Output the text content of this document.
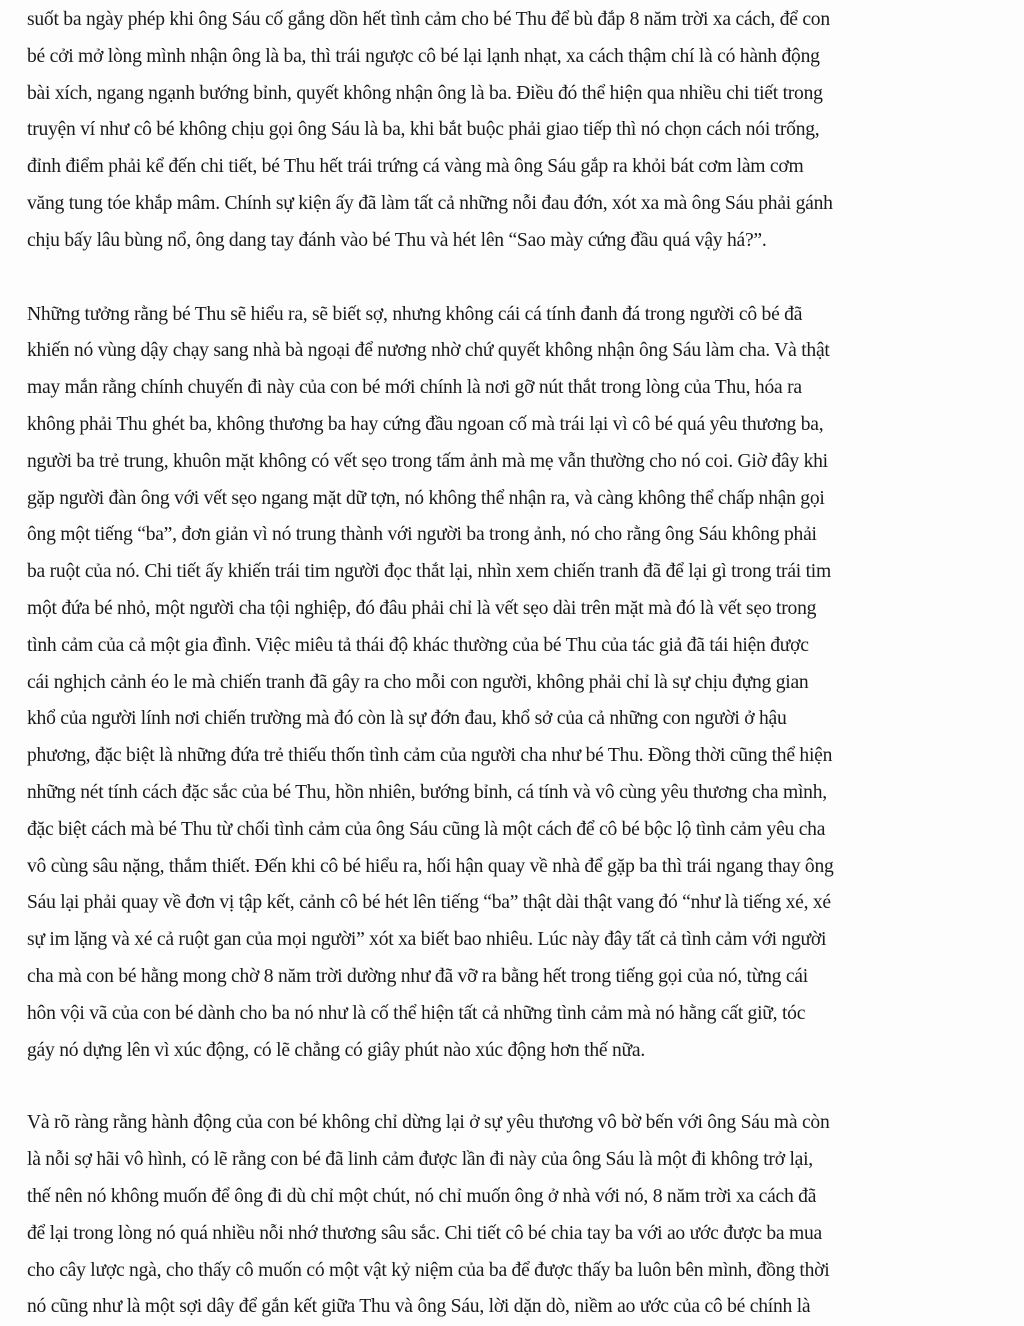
suốt ba ngày phép khi ông Sáu cố gắng dồn hết tình cảm cho bé Thu để bù đắp 8 năm trời xa cách, để con
bé cởi mở lòng mình nhận ông là ba, thì trái ngược cô bé lại lạnh nhạt, xa cách thậm chí là có hành động
bài xích, ngang ngạnh bướng bỉnh, quyết không nhận ông là ba. Điều đó thể hiện qua nhiều chi tiết trong
truyện ví như cô bé không chịu gọi ông Sáu là ba, khi bắt buộc phải giao tiếp thì nó chọn cách nói trống,
đỉnh điểm phải kể đến chi tiết, bé Thu hết trái trứng cá vàng mà ông Sáu gắp ra khỏi bát cơm làm cơm
văng tung tóe khắp mâm. Chính sự kiện ấy đã làm tất cả những nỗi đau đớn, xót xa mà ông Sáu phải gánh
chịu bấy lâu bùng nổ, ông dang tay đánh vào bé Thu và hét lên “Sao mày cứng đầu quá vậy há?”.
Những tưởng rằng bé Thu sẽ hiểu ra, sẽ biết sợ, nhưng không cái cá tính đanh đá trong người cô bé đã
khiến nó vùng dậy chạy sang nhà bà ngoại để nương nhờ chứ quyết không nhận ông Sáu làm cha. Và thật
may mắn rằng chính chuyến đi này của con bé mới chính là nơi gỡ nút thắt trong lòng của Thu, hóa ra
không phải Thu ghét ba, không thương ba hay cứng đầu ngoan cố mà trái lại vì cô bé quá yêu thương ba,
người ba trẻ trung, khuôn mặt không có vết sẹo trong tấm ảnh mà mẹ vẫn thường cho nó coi. Giờ đây khi
gặp người đàn ông với vết sẹo ngang mặt dữ tợn, nó không thể nhận ra, và càng không thể chấp nhận gọi
ông một tiếng “ba”, đơn giản vì nó trung thành với người ba trong ảnh, nó cho rằng ông Sáu không phải
ba ruột của nó. Chi tiết ấy khiến trái tim người đọc thắt lại, nhìn xem chiến tranh đã để lại gì trong trái tim
một đứa bé nhỏ, một người cha tội nghiệp, đó đâu phải chỉ là vết sẹo dài trên mặt mà đó là vết sẹo trong
tình cảm của cả một gia đình. Việc miêu tả thái độ khác thường của bé Thu của tác giả đã tái hiện được
cái nghịch cảnh éo le mà chiến tranh đã gây ra cho mỗi con người, không phải chỉ là sự chịu đựng gian
khổ của người lính nơi chiến trường mà đó còn là sự đớn đau, khổ sở của cả những con người ở hậu
phương, đặc biệt là những đứa trẻ thiếu thốn tình cảm của người cha như bé Thu. Đồng thời cũng thể hiện
những nét tính cách đặc sắc của bé Thu, hồn nhiên, bướng bỉnh, cá tính và vô cùng yêu thương cha mình,
đặc biệt cách mà bé Thu từ chối tình cảm của ông Sáu cũng là một cách để cô bé bộc lộ tình cảm yêu cha
vô cùng sâu nặng, thắm thiết. Đến khi cô bé hiểu ra, hối hận quay về nhà để gặp ba thì trái ngang thay ông
Sáu lại phải quay về đơn vị tập kết, cảnh cô bé hét lên tiếng “ba” thật dài thật vang đó “như là tiếng xé, xé
sự im lặng và xé cả ruột gan của mọi người” xót xa biết bao nhiêu. Lúc này đây tất cả tình cảm với người
cha mà con bé hằng mong chờ 8 năm trời dường như đã vỡ ra bằng hết trong tiếng gọi của nó, từng cái
hôn vội vã của con bé dành cho ba nó như là cố thể hiện tất cả những tình cảm mà nó hằng cất giữ, tóc
gáy nó dựng lên vì xúc động, có lẽ chẳng có giây phút nào xúc động hơn thế nữa.
Và rõ ràng rằng hành động của con bé không chỉ dừng lại ở sự yêu thương vô bờ bến với ông Sáu mà còn
là nỗi sợ hãi vô hình, có lẽ rằng con bé đã linh cảm được lần đi này của ông Sáu là một đi không trở lại,
thế nên nó không muốn để ông đi dù chỉ một chút, nó chỉ muốn ông ở nhà với nó, 8 năm trời xa cách đã
để lại trong lòng nó quá nhiều nỗi nhớ thương sâu sắc. Chi tiết cô bé chia tay ba với ao ước được ba mua
cho cây lược ngà, cho thấy cô muốn có một vật kỷ niệm của ba để được thấy ba luôn bên mình, đồng thời
nó cũng như là một sợi dây để gắn kết giữa Thu và ông Sáu, lời dặn dò, niềm ao ước của cô bé chính là
